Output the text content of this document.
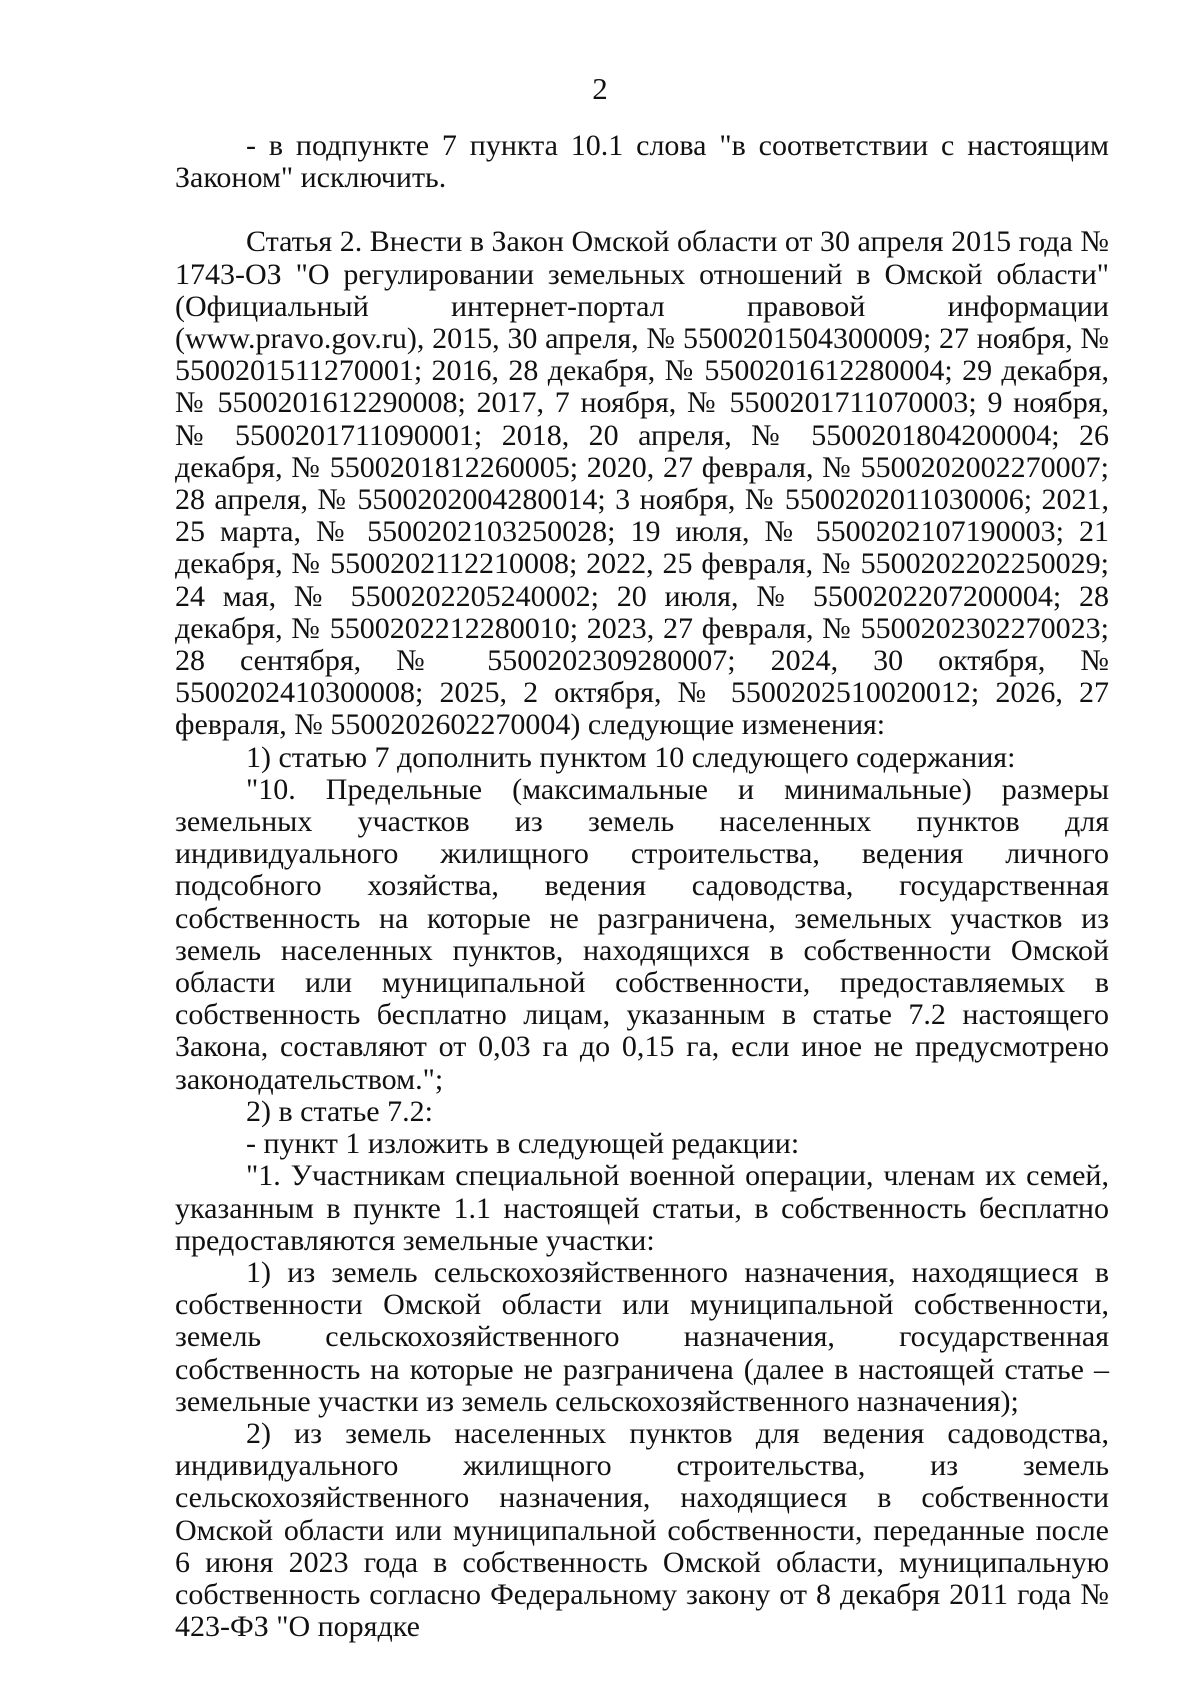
2

- в подпункте 7 пункта 10.1 слова "в соответствии с настоящим Законом" исключить.

Статья 2. Внести в Закон Омской области от 30 апреля 2015 года № 1743-ОЗ "О регулировании земельных отношений в Омской области" (Официальный интернет-портал правовой информации (www.pravo.gov.ru), 2015, 30 апреля, № 5500201504300009; 27 ноября, № 5500201511270001; 2016, 28 декабря, № 5500201612280004; 29 декабря, № 5500201612290008; 2017, 7 ноября, № 5500201711070003; 9 ноября, № 5500201711090001; 2018, 20 апреля, № 5500201804200004; 26 декабря, № 5500201812260005; 2020, 27 февраля, № 5500202002270007; 28 апреля, № 5500202004280014; 3 ноября, № 5500202011030006; 2021, 25 марта, № 5500202103250028; 19 июля, № 5500202107190003; 21 декабря, № 5500202112210008; 2022, 25 февраля, № 5500202202250029; 24 мая, № 5500202205240002; 20 июля, № 5500202207200004; 28 декабря, № 5500202212280010; 2023, 27 февраля, № 5500202302270023; 28 сентября, № 5500202309280007; 2024, 30 октября, № 5500202410300008; 2025, 2 октября, № 5500202510020012; 2026, 27 февраля, № 5500202602270004) следующие изменения:

1) статью 7 дополнить пунктом 10 следующего содержания:

"10. Предельные (максимальные и минимальные) размеры земельных участков из земель населенных пунктов для индивидуального жилищного строительства, ведения личного подсобного хозяйства, ведения садоводства, государственная собственность на которые не разграничена, земельных участков из земель населенных пунктов, находящихся в собственности Омской области или муниципальной собственности, предоставляемых в собственность бесплатно лицам, указанным в статье 7.2 настоящего Закона, составляют от 0,03 га до 0,15 га, если иное не предусмотрено законодательством.";

2) в статье 7.2:

- пункт 1 изложить в следующей редакции:

"1. Участникам специальной военной операции, членам их семей, указанным в пункте 1.1 настоящей статьи, в собственность бесплатно предоставляются земельные участки:

1) из земель сельскохозяйственного назначения, находящиеся в собственности Омской области или муниципальной собственности, земель сельскохозяйственного назначения, государственная собственность на которые не разграничена (далее в настоящей статье – земельные участки из земель сельскохозяйственного назначения);

2) из земель населенных пунктов для ведения садоводства, индивидуального жилищного строительства, из земель сельскохозяйственного назначения, находящиеся в собственности Омской области или муниципальной собственности, переданные после 6 июня 2023 года в собственность Омской области, муниципальную собственность согласно Федеральному закону от 8 декабря 2011 года № 423-ФЗ "О порядке
